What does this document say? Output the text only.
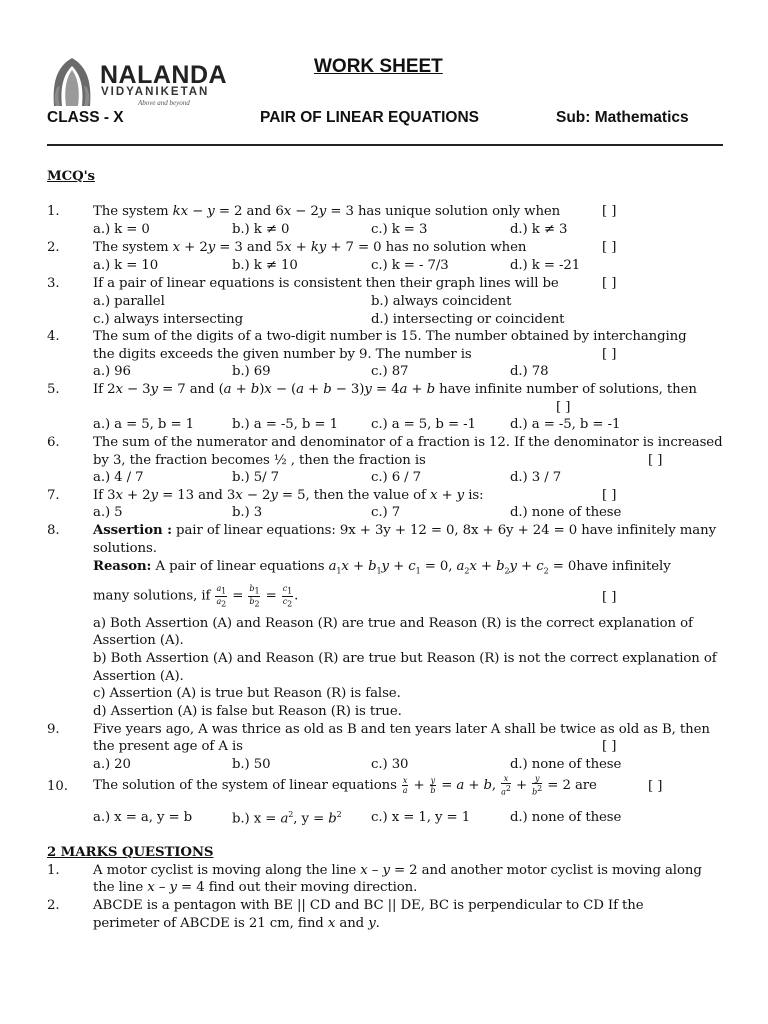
NALANDA
VIDYANIKETAN
Above and beyond
WORK SHEET
CLASS - X	PAIR OF LINEAR EQUATIONS	Sub: Mathematics
MCQ's
1.	The system kx − y = 2 and 6x − 2y = 3 has unique solution only when	[ ]
a.) k = 0	b.) k ≠ 0	c.) k = 3	d.) k ≠ 3
2.	The system x + 2y = 3 and 5x + ky + 7 = 0 has no solution when	[ ]
a.) k = 10	b.) k ≠ 10	c.) k = - 7/3	d.) k = -21
3.	If a pair of linear equations is consistent then their graph lines will be	[ ]
a.) parallel	b.) always coincident
c.) always intersecting	d.) intersecting or coincident
4.	The sum of the digits of a two-digit number is 15. The number obtained by interchanging
the digits exceeds the given number by 9. The number is	[ ]
a.) 96	b.) 69	c.) 87	d.) 78
5.	If 2x − 3y = 7 and (a + b)x − (a + b − 3)y = 4a + b have infinite number of solutions, then
[ ]
a.) a = 5, b = 1	b.) a = -5, b = 1 c.) a = 5, b = -1	d.) a = -5, b = -1
6.	The sum of the numerator and denominator of a fraction is 12. If the denominator is increased
by 3, the fraction becomes ½ , then the fraction is	[ ]
a.) 4 / 7	b.) 5/ 7	c.) 6 / 7	d.) 3 / 7
7.	If 3x + 2y = 13 and 3x − 2y = 5, then the value of x + y is:	[ ]
a.) 5	b.) 3	c.) 7	d.) none of these
8.	Assertion : pair of linear equations: 9x + 3y + 12 = 0, 8x + 6y + 24 = 0 have infinitely many
solutions.
Reason: A pair of linear equations $a_1x + b_1y + c_1 = 0$, $a_2x + b_2y + c_2$ = 0have infinitely
many solutions, if $\frac{a_1}{a_2} = \frac{b_1}{b_2} = \frac{c_1}{c_2}$ .	[ ]
a) Both Assertion (A) and Reason (R) are true and Reason (R) is the correct explanation of
Assertion (A).
b) Both Assertion (A) and Reason (R) are true but Reason (R) is not the correct explanation of
Assertion (A).
c) Assertion (A) is true but Reason (R) is false.
d) Assertion (A) is false but Reason (R) is true.
9.	Five years ago, A was thrice as old as B and ten years later A shall be twice as old as B, then
the present age of A is	[ ]
a.) 20	b.) 50	c.) 30	d.) none of these
10. The solution of the system of linear equations $\frac{x}{a} + \frac{y}{b} = a + b$, $\frac{x}{a^2} + \frac{y}{b^2} = 2$ are	[ ]
a.) x = a, y = b	b.) $x = a^2$, $y = b^2$ c.) x = 1, y = 1	d.) none of these
2 MARKS QUESTIONS
1.	A motor cyclist is moving along the line x – y = 2 and another motor cyclist is moving along
the line x – y = 4 find out their moving direction.
2.	ABCDE is a pentagon with BE || CD and BC || DE, BC is perpendicular to CD If the
perimeter of ABCDE is 21 cm, find x and y.
